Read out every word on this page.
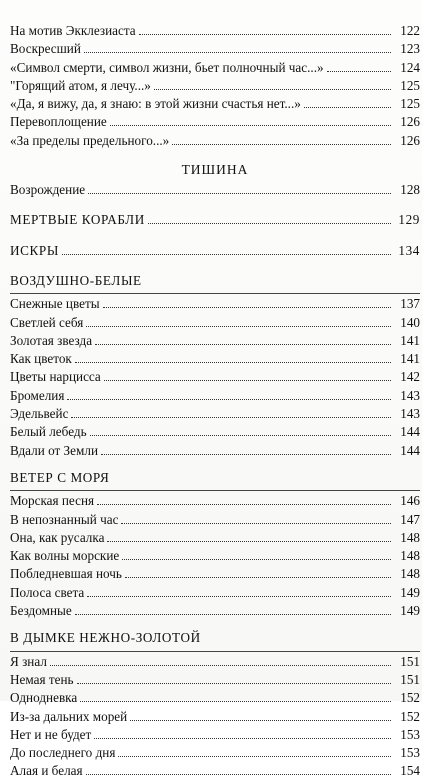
На мотив Экклезиаста	122
Воскресший	123
«Символ смерти, символ жизни, бьет полночный час...»	124
"Горящий атом, я лечу...»	125
«Да, я вижу, да, я знаю: в этой жизни счастья нет...»	125
Перевоплощение	126
«За пределы предельного...»	126
ТИШИНА
Возрождение	128
МЕРТВЫЕ КОРАБЛИ	129
ИСКРЫ	134
ВОЗДУШНО-БЕЛЫЕ
Снежные цветы	137
Светлей себя	140
Золотая звезда	141
Как цветок	141
Цветы нарцисса	142
Бромелия	143
Эдельвейс	143
Белый лебедь	144
Вдали от Земли	144
ВЕТЕР С МОРЯ
Морская песня	146
В непознанный час	147
Она, как русалка	148
Как волны морские	148
Побледневшая ночь	148
Полоса света	149
Бездомные	149
В ДЫМКЕ НЕЖНО-ЗОЛОТОЙ
Я знал	151
Немая тень	151
Однодневка	152
Из-за дальних морей	152
Нет и не будет	153
До последнего дня	153
Алая и белая	154
